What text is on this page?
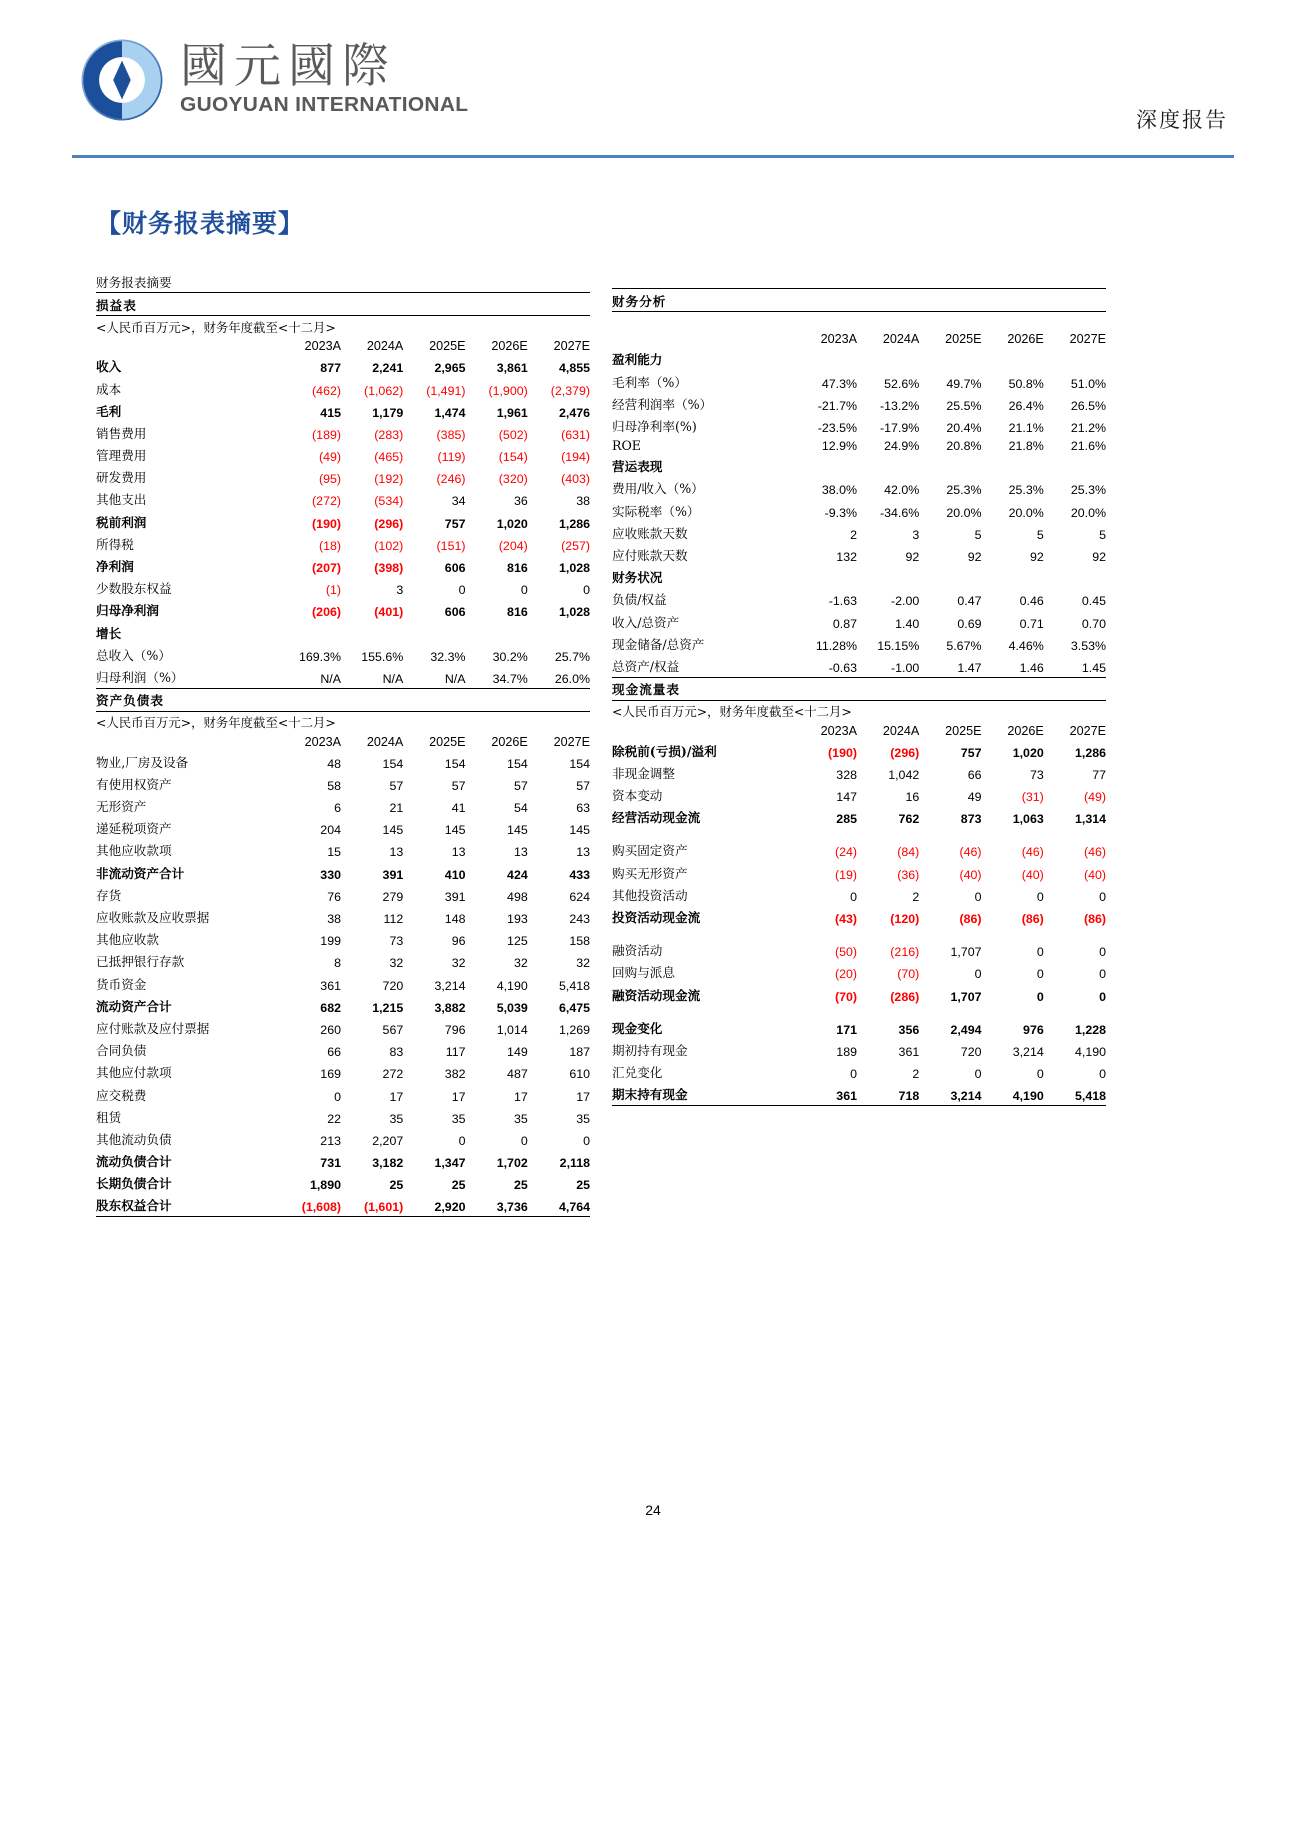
國元國際
GUOYUAN INTERNATIONAL
深度报告
【财务报表摘要】
财务报表摘要					
损益表					
<人民币百万元>，财务年度截至<十二月>					
	2023A	2024A	2025E	2026E	2027E
收入	877	2,241	2,965	3,861	4,855
成本	(462)	(1,062)	(1,491)	(1,900)	(2,379)
毛利	415	1,179	1,474	1,961	2,476
销售费用	(189)	(283)	(385)	(502)	(631)
管理费用	(49)	(465)	(119)	(154)	(194)
研发费用	(95)	(192)	(246)	(320)	(403)
其他支出	(272)	(534)	34	36	38
税前利润	(190)	(296)	757	1,020	1,286
所得税	(18)	(102)	(151)	(204)	(257)
净利润	(207)	(398)	606	816	1,028
少数股东权益	(1)	3	0	0	0
归母净利润	(206)	(401)	606	816	1,028
增长					
总收入（%）	169.3%	155.6%	32.3%	30.2%	25.7%
归母利润（%）	N/A	N/A	N/A	34.7%	26.0%
资产负债表					
<人民币百万元>，财务年度截至<十二月>					
	2023A	2024A	2025E	2026E	2027E
物业,厂房及设备	48	154	154	154	154
有使用权资产	58	57	57	57	57
无形资产	6	21	41	54	63
递延税项资产	204	145	145	145	145
其他应收款项	15	13	13	13	13
非流动资产合计	330	391	410	424	433
存货	76	279	391	498	624
应收账款及应收票据	38	112	148	193	243
其他应收款	199	73	96	125	158
已抵押银行存款	8	32	32	32	32
货币资金	361	720	3,214	4,190	5,418
流动资产合计	682	1,215	3,882	5,039	6,475
应付账款及应付票据	260	567	796	1,014	1,269
合同负债	66	83	117	149	187
其他应付款项	169	272	382	487	610
应交税费	0	17	17	17	17
租赁	22	35	35	35	35
其他流动负债	213	2,207	0	0	0
流动负债合计	731	3,182	1,347	1,702	2,118
长期负债合计	1,890	25	25	25	25
股东权益合计	(1,608)	(1,601)	2,920	3,736	4,764

财务分析					

	2023A	2024A	2025E	2026E	2027E
盈利能力					
毛利率（%）	47.3%	52.6%	49.7%	50.8%	51.0%
经营利润率（%）	-21.7%	-13.2%	25.5%	26.4%	26.5%
归母净利率(%)	-23.5%	-17.9%	20.4%	21.1%	21.2%
ROE	12.9%	24.9%	20.8%	21.8%	21.6%
营运表现					
费用/收入（%）	38.0%	42.0%	25.3%	25.3%	25.3%
实际税率（%）	-9.3%	-34.6%	20.0%	20.0%	20.0%
应收账款天数	2	3	5	5	5
应付账款天数	132	92	92	92	92
财务状况					
负债/权益	-1.63	-2.00	0.47	0.46	0.45
收入/总资产	0.87	1.40	0.69	0.71	0.70
现金储备/总资产	11.28%	15.15%	5.67%	4.46%	3.53%
总资产/权益	-0.63	-1.00	1.47	1.46	1.45
现金流量表					
<人民币百万元>，财务年度截至<十二月>					
	2023A	2024A	2025E	2026E	2027E
除税前(亏损)/溢利	(190)	(296)	757	1,020	1,286
非现金调整	328	1,042	66	73	77
资本变动	147	16	49	(31)	(49)
经营活动现金流	285	762	873	1,063	1,314

购买固定资产	(24)	(84)	(46)	(46)	(46)
购买无形资产	(19)	(36)	(40)	(40)	(40)
其他投资活动	0	2	0	0	0
投资活动现金流	(43)	(120)	(86)	(86)	(86)

融资活动	(50)	(216)	1,707	0	0
回购与派息	(20)	(70)	0	0	0
融资活动现金流	(70)	(286)	1,707	0	0

现金变化	171	356	2,494	976	1,228
期初持有现金	189	361	720	3,214	4,190
汇兑变化	0	2	0	0	0
期末持有现金	361	718	3,214	4,190	5,418
24
